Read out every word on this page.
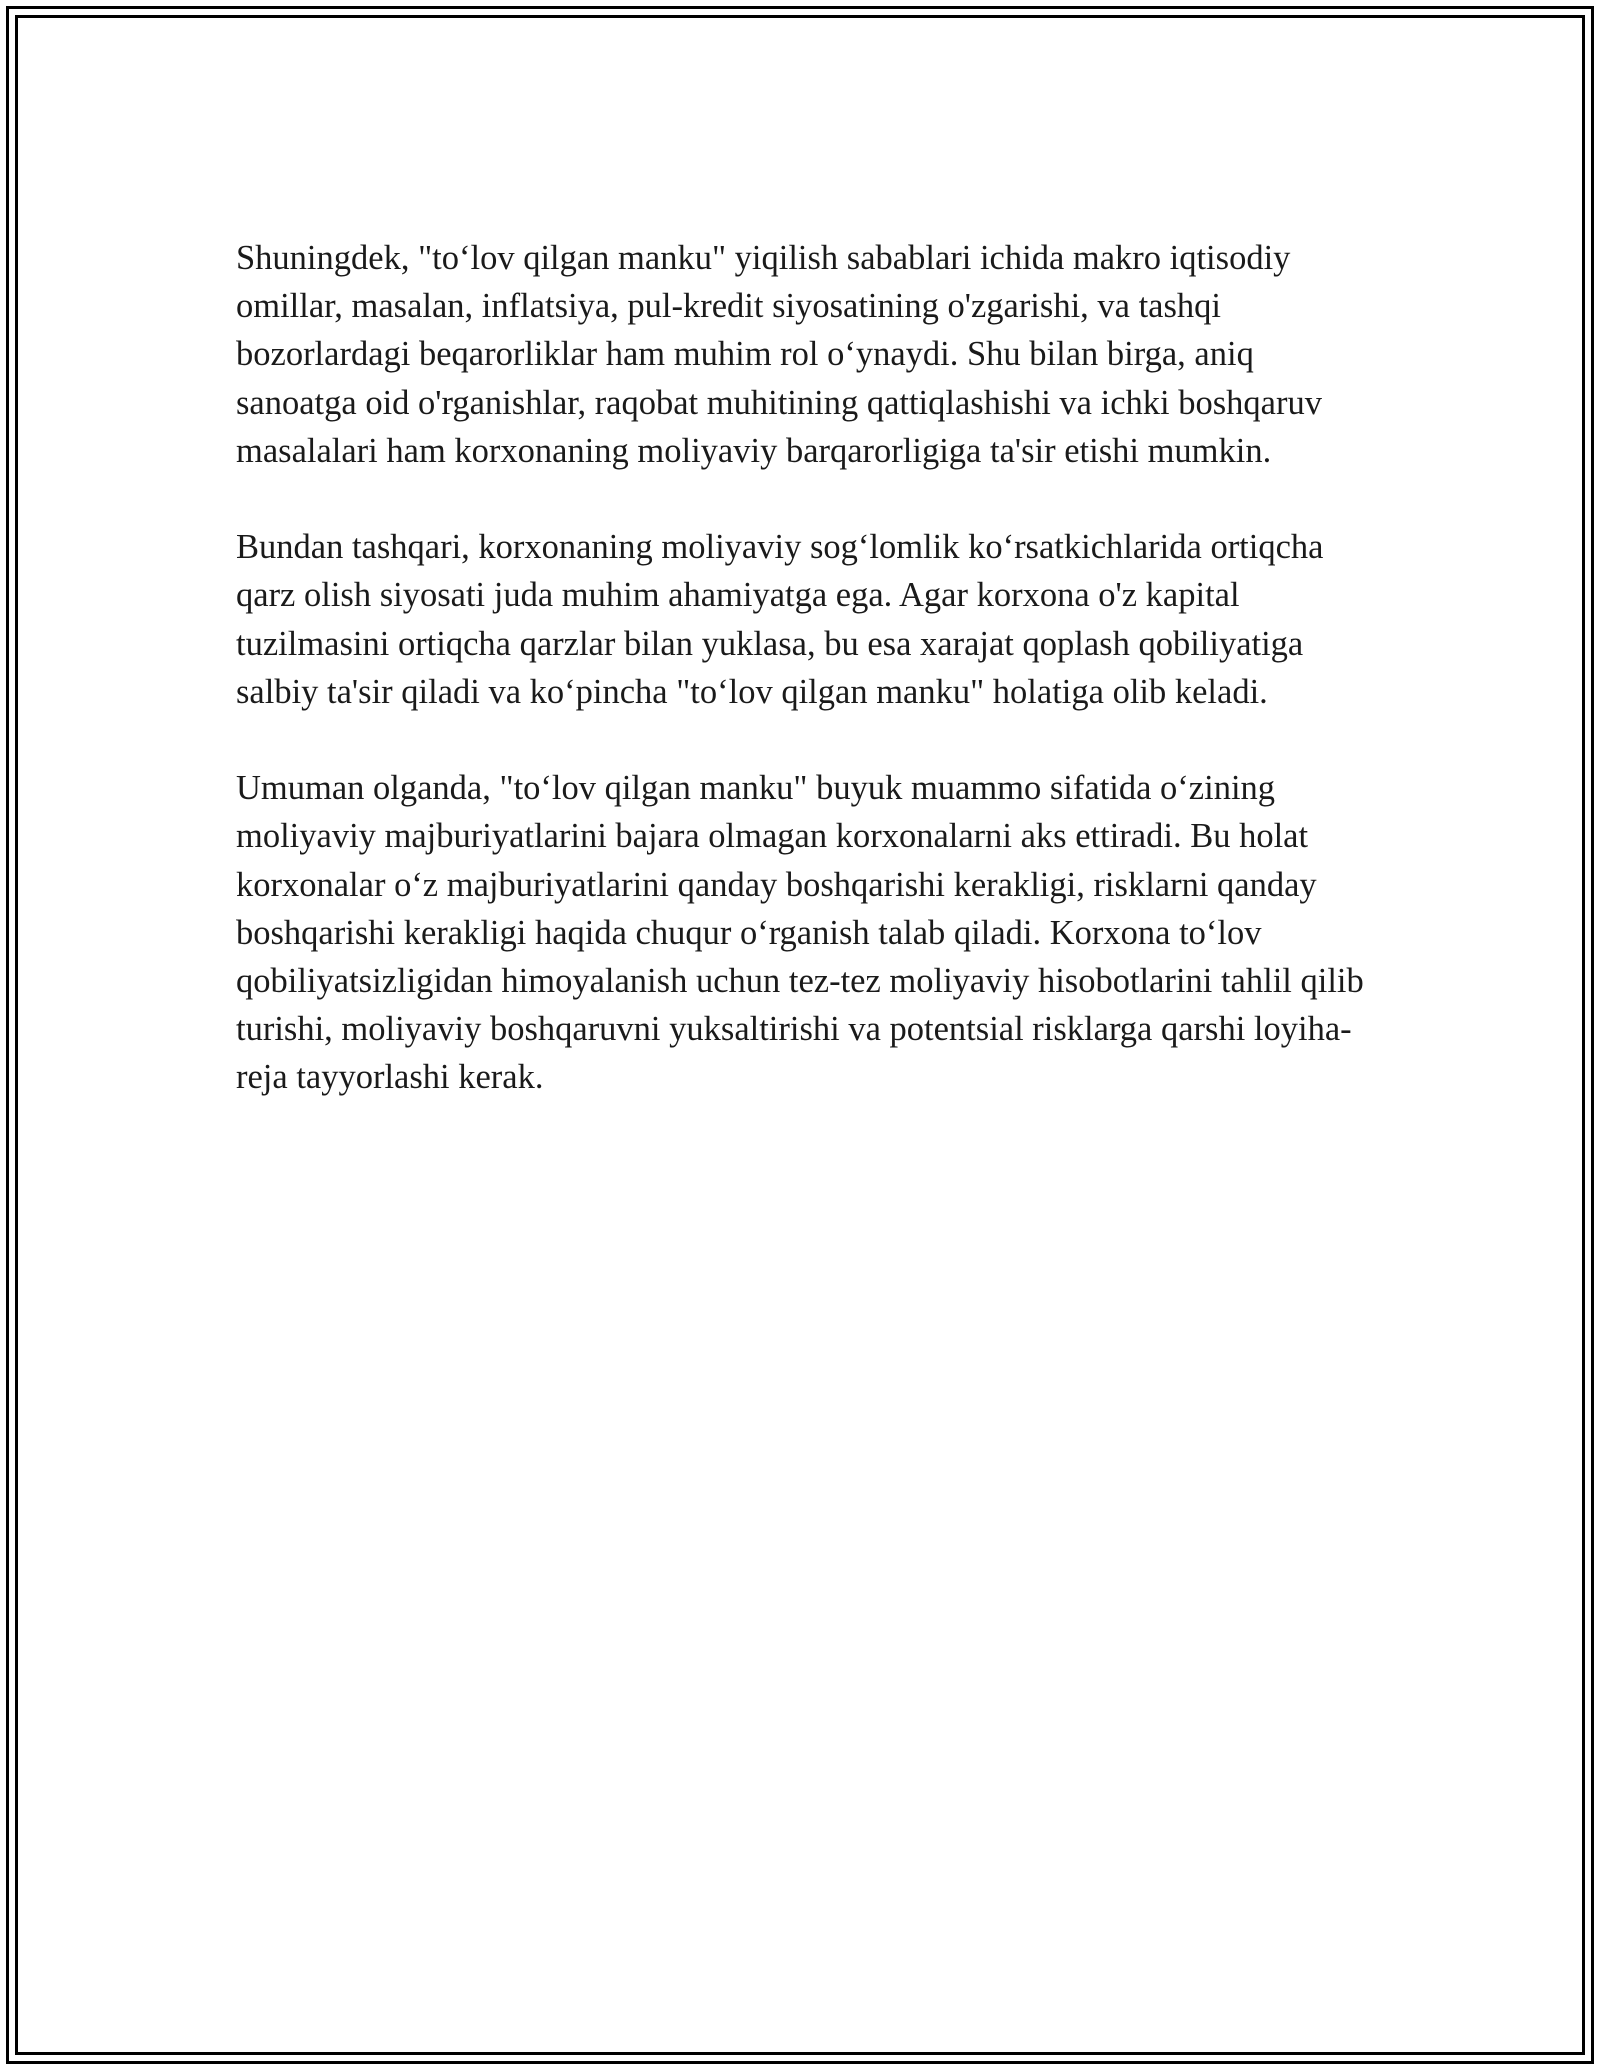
Shuningdek, "to‘lov qilgan manku" yiqilish sabablari ichida makro iqtisodiy omillar, masalan, inflatsiya, pul-kredit siyosatining o'zgarishi, va tashqi bozorlardagi beqarorliklar ham muhim rol o‘ynaydi. Shu bilan birga, aniq sanoatga oid o'rganishlar, raqobat muhitining qattiqlashishi va ichki boshqaruv masalalari ham korxonaning moliyaviy barqarorligiga ta'sir etishi mumkin.

Bundan tashqari, korxonaning moliyaviy sog‘lomlik ko‘rsatkichlarida ortiqcha qarz olish siyosati juda muhim ahamiyatga ega. Agar korxona o'z kapital tuzilmasini ortiqcha qarzlar bilan yuklasa, bu esa xarajat qoplash qobiliyatiga salbiy ta'sir qiladi va ko‘pincha "to‘lov qilgan manku" holatiga olib keladi.

Umuman olganda, "to‘lov qilgan manku" buyuk muammo sifatida o‘zining moliyaviy majburiyatlarini bajara olmagan korxonalarni aks ettiradi. Bu holat korxonalar o‘z majburiyatlarini qanday boshqarishi kerakligi, risklarni qanday boshqarishi kerakligi haqida chuqur o‘rganish talab qiladi. Korxona to‘lov qobiliyatsizligidan himoyalanish uchun tez-tez moliyaviy hisobotlarini tahlil qilib turishi, moliyaviy boshqaruvni yuksaltirishi va potentsial risklarga qarshi loyiha-reja tayyorlashi kerak.
